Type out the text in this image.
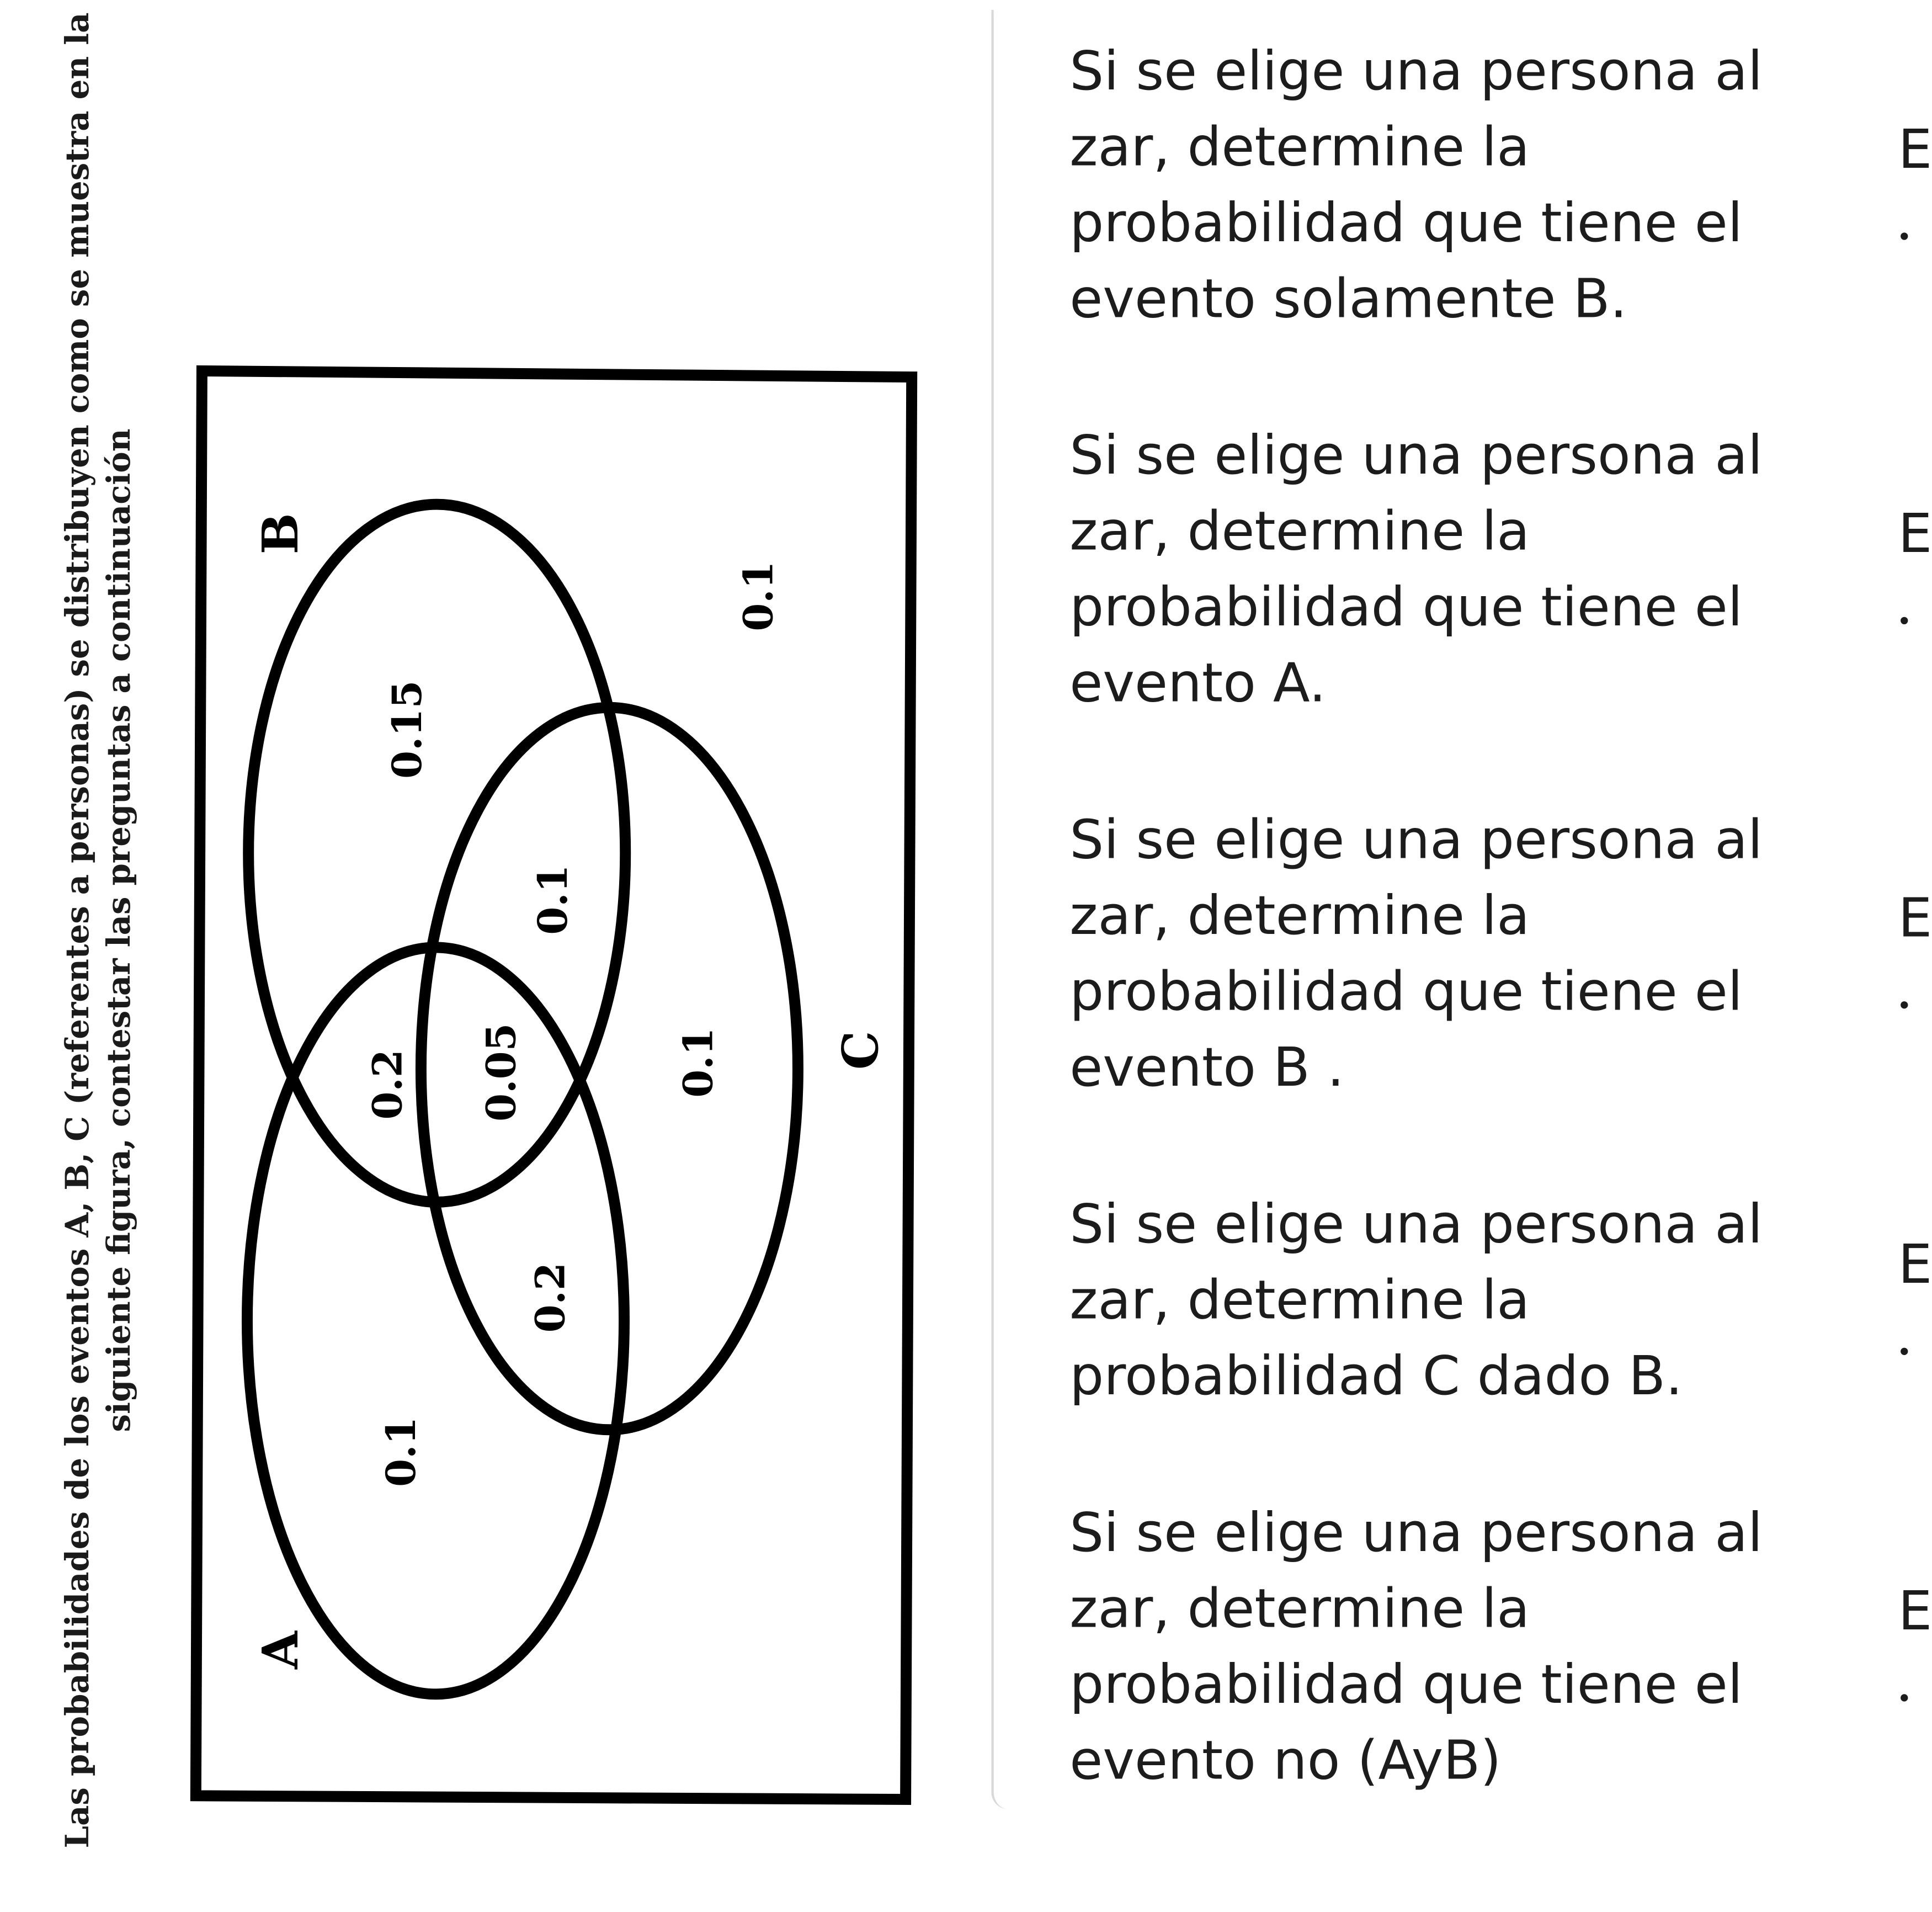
Las probabilidades de los eventos A, B, C (referentes a personas) se distribuyen como se muestra en la siguiente figura, contestar las preguntas a continuación	B
A
C
0.15
0.1
0.1
0.2	0.05	0.1
0.2
0.1
Si se elige una persona al
zar, determine la
probabilidad que tiene el
evento solamente B.
Si se elige una persona al
zar, determine la
probabilidad que tiene el
evento A.
Si se elige una persona al
zar, determine la
probabilidad que tiene el
evento B .
Si se elige una persona al
zar, determine la
probabilidad C dado B.
Si se elige una persona al
zar, determine la
probabilidad que tiene el
evento no (AyB)
E
E
E
E
E
